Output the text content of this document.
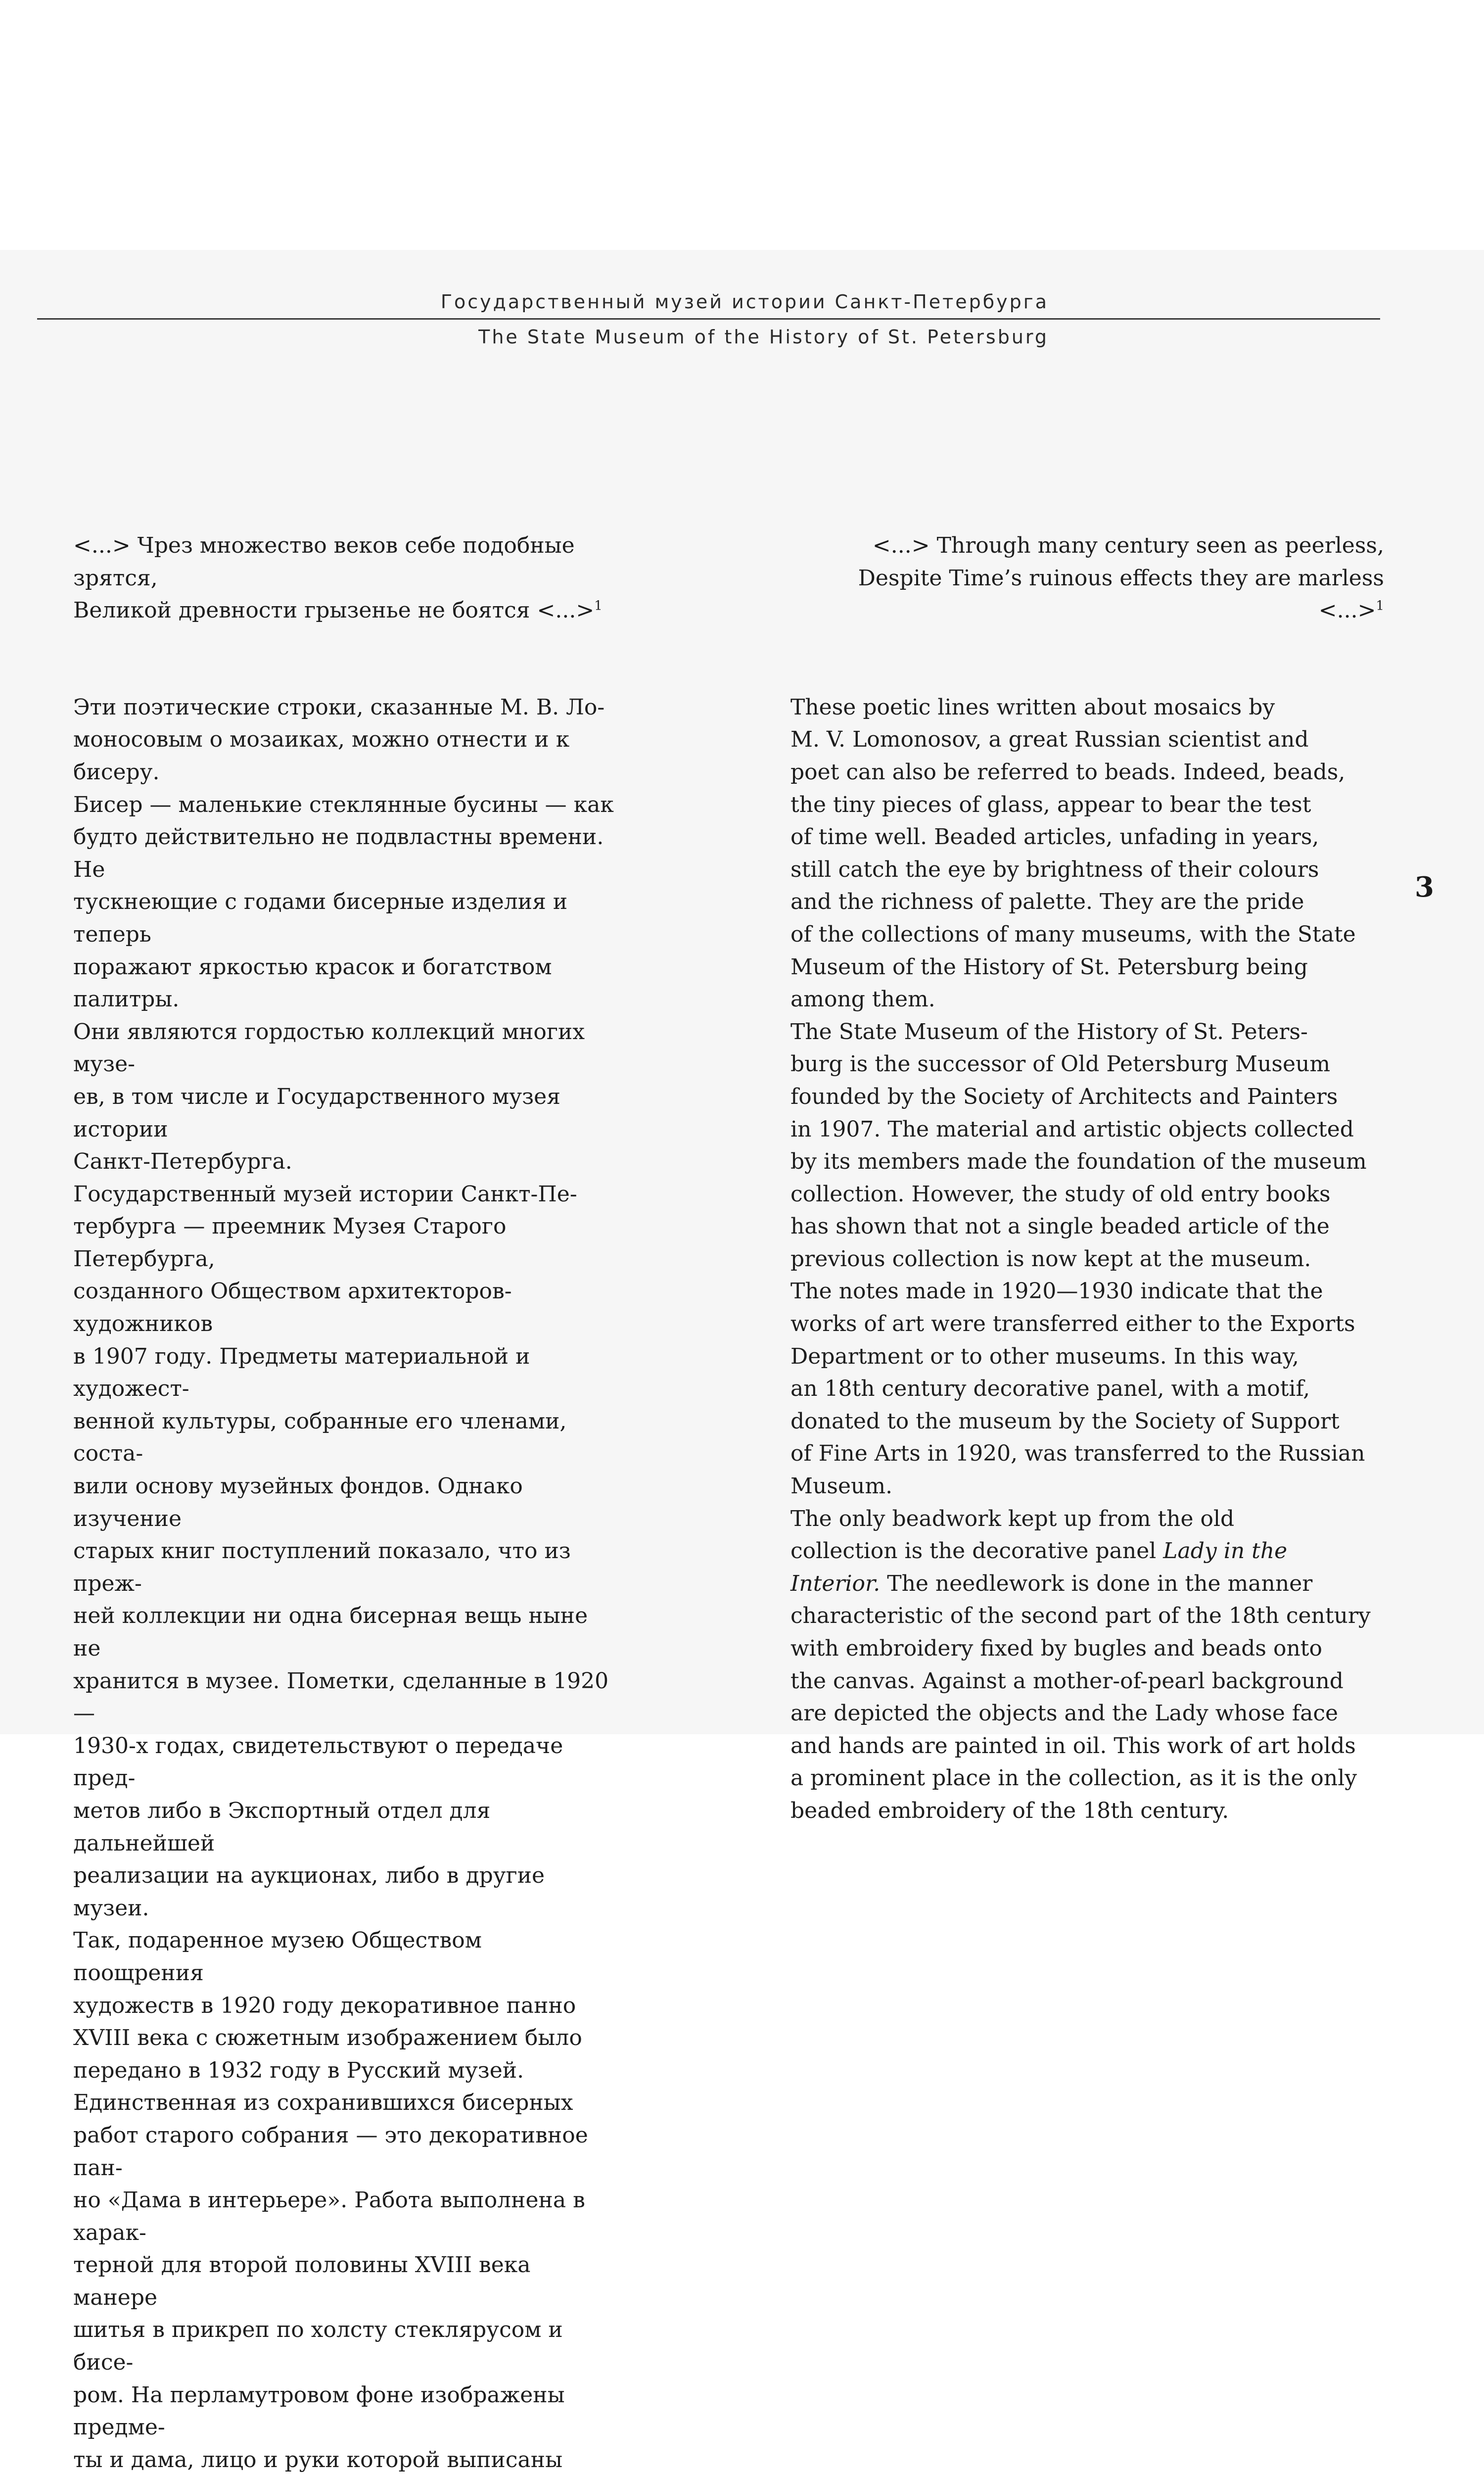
Государственный музей истории Санкт-Петербурга
The State Museum of the History of St. Petersburg

<...> Чрез множество веков себе подобные зрятся,
Великой древности грызенье не боятся <...>$^1$

Эти поэтические строки, сказанные М. В. Ло-
моносовым о мозаиках, можно отнести и к бисеру.
Бисер — маленькие стеклянные бусины — как
будто действительно не подвластны времени. Не
тускнеющие с годами бисерные изделия и теперь
поражают яркостью красок и богатством палитры.
Они являются гордостью коллекций многих музе-
ев, в том числе и Государственного музея истории
Санкт-Петербурга.
Государственный музей истории Санкт-Пе-
тербурга — преемник Музея Старого Петербурга,
созданного Обществом архитекторов-художников
в 1907 году. Предметы материальной и художест-
венной культуры, собранные его членами, соста-
вили основу музейных фондов. Однако изучение
старых книг поступлений показало, что из преж-
ней коллекции ни одна бисерная вещь ныне не
хранится в музее. Пометки, сделанные в 1920—
1930-х годах, свидетельствуют о передаче пред-
метов либо в Экспортный отдел для дальнейшей
реализации на аукционах, либо в другие музеи.
Так, подаренное музею Обществом поощрения
художеств в 1920 году декоративное панно
XVIII века с сюжетным изображением было
передано в 1932 году в Русский музей.
Единственная из сохранившихся бисерных
работ старого собрания — это декоративное пан-
но «Дама в интерьере». Работа выполнена в харак-
терной для второй половины XVIII века манере
шитья в прикреп по холсту стеклярусом и бисе-
ром. На перламутровом фоне изображены предме-
ты и дама, лицо и руки которой выписаны

<...> Through many century seen as peerless,
Despite Time’s ruinous effects they are marless <...>$^1$

These poetic lines written about mosaics by
M. V. Lomonosov, a great Russian scientist and
poet can also be referred to beads. Indeed, beads,
the tiny pieces of glass, appear to bear the test
of time well. Beaded articles, unfading in years,
still catch the eye by brightness of their colours
and the richness of palette. They are the pride
of the collections of many museums, with the State
Museum of the History of St. Petersburg being
among them.
The State Museum of the History of St. Peters-
burg is the successor of Old Petersburg Museum
founded by the Society of Architects and Painters
in 1907. The material and artistic objects collected
by its members made the foundation of the museum
collection. However, the study of old entry books
has shown that not a single beaded article of the
previous collection is now kept at the museum.
The notes made in 1920—1930 indicate that the
works of art were transferred either to the Exports
Department or to other museums. In this way,
an 18th century decorative panel, with a motif,
donated to the museum by the Society of Support
of Fine Arts in 1920, was transferred to the Russian
Museum.
The only beadwork kept up from the old
collection is the decorative panel Lady in the
Interior. The needlework is done in the manner
characteristic of the second part of the 18th century
with embroidery fixed by bugles and beads onto
the canvas. Against a mother-of-pearl background
are depicted the objects and the Lady whose face
and hands are painted in oil. This work of art holds
a prominent place in the collection, as it is the only
beaded embroidery of the 18th century.
3
